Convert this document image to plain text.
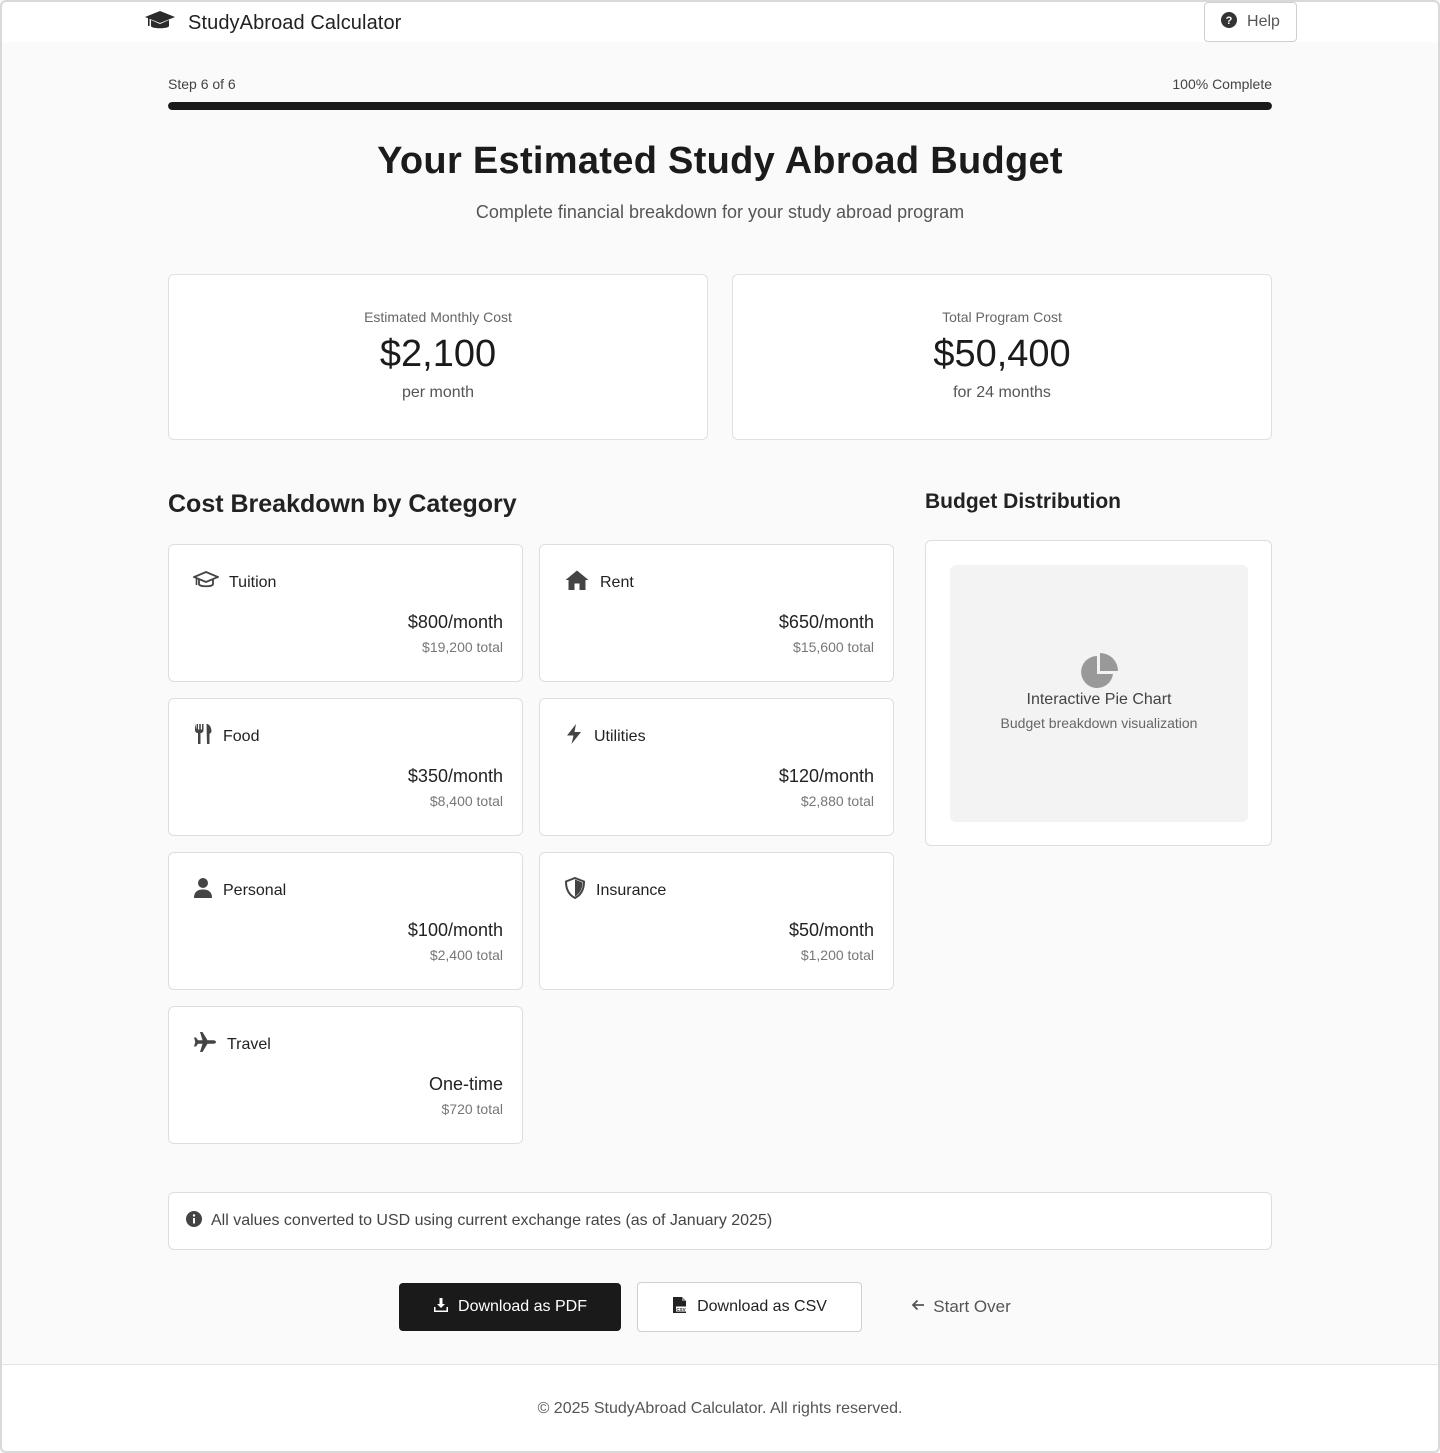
StudyAbroad Calculator	? Help
Step 6 of 6	100% Complete
Your Estimated Study Abroad Budget

Complete financial breakdown for your study abroad program

Estimated Monthly Cost
$2,100
per month
Total Program Cost
$50,400
for 24 months
Cost Breakdown by Category	Budget Distribution
Tuition
$800/month
$19,200 total
Rent
$650/month
$15,600 total
Food
$350/month
$8,400 total
Utilities
$120/month
$2,880 total
Personal
$100/month
$2,400 total
Insurance
$50/month
$1,200 total
Travel
One-time
$720 total
Interactive Pie Chart
Budget breakdown visualization
All values converted to USD using current exchange rates (as of January 2025)
Download as PDF	CSV Download as CSV	Start Over
© 2025 StudyAbroad Calculator. All rights reserved.
